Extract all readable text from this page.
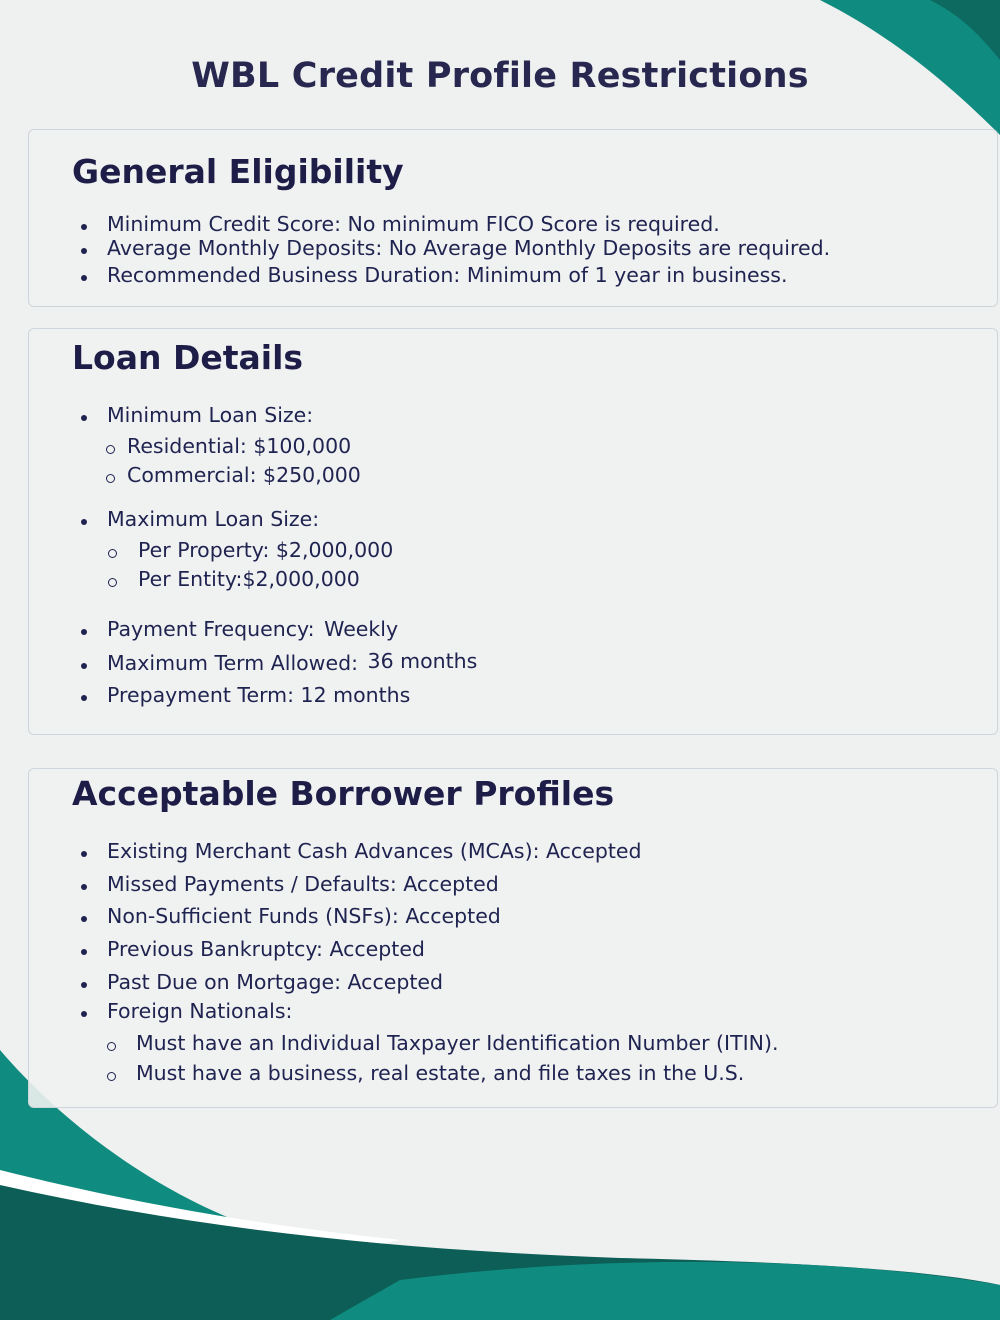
WBL Credit Profile Restrictions
General Eligibility

Minimum Credit Score: No minimum FICO Score is required.

Average Monthly Deposits: No Average Monthly Deposits are required.

Recommended Business Duration: Minimum of 1 year in business.

Loan Details

Minimum Loan Size:

Residential: $100,000

Commercial: $250,000

Maximum Loan Size:

Per Property: $2,000,000

Per Entity:$2,000,000

Payment Frequency: Weekly

Maximum Term Allowed: 36 months

Prepayment Term: 12 months

Acceptable Borrower Profiles

Existing Merchant Cash Advances (MCAs): Accepted

Missed Payments / Defaults: Accepted

Non-Sufficient Funds (NSFs): Accepted

Previous Bankruptcy: Accepted

Past Due on Mortgage: Accepted

Foreign Nationals:

Must have an Individual Taxpayer Identification Number (ITIN).

Must have a business, real estate, and file taxes in the U.S.
